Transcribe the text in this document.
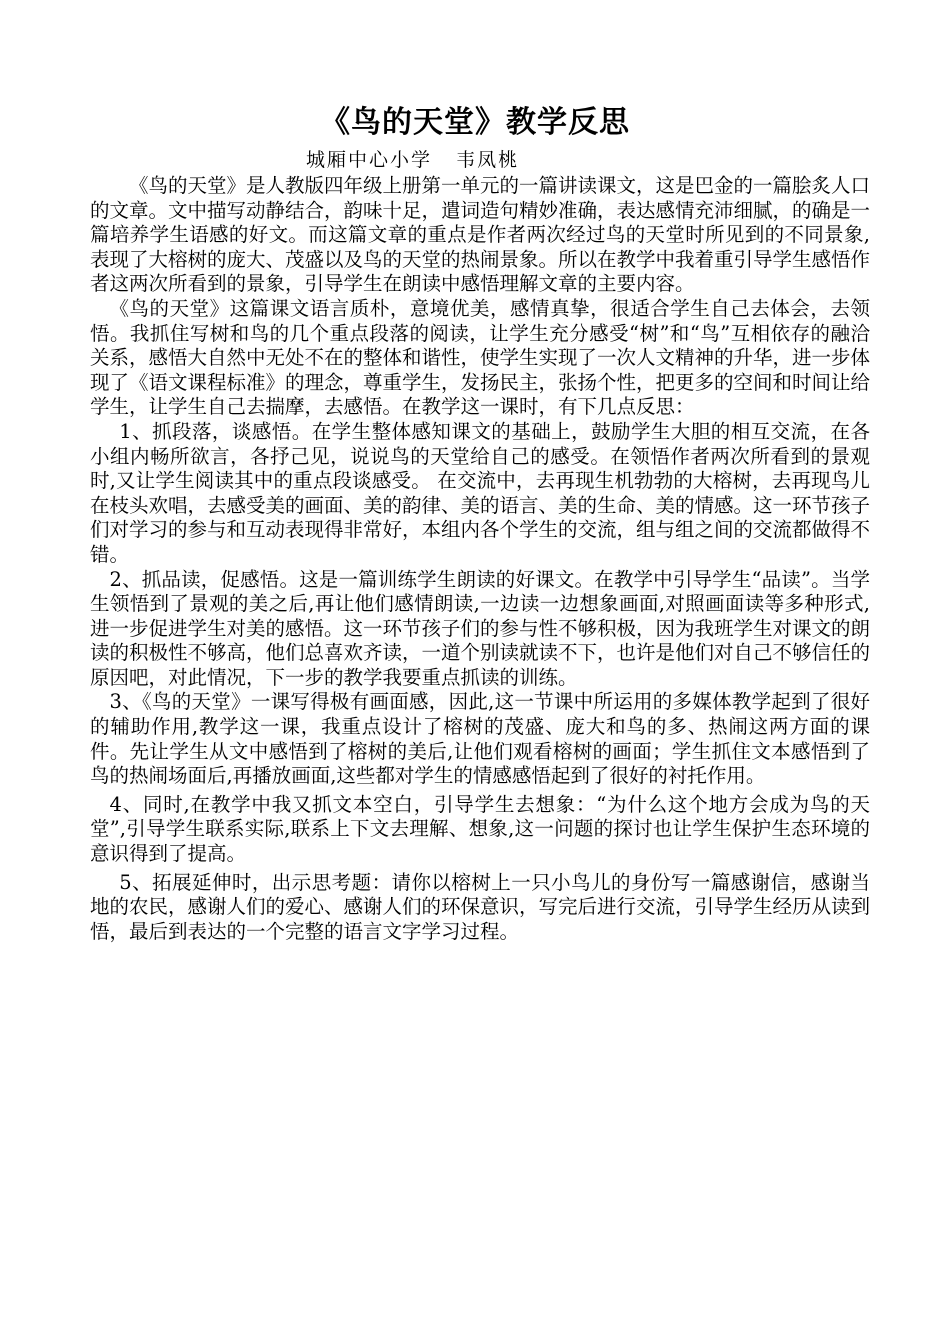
《鸟的天堂》教学反思
城厢中心小学   韦凤桃

《鸟的天堂》是人教版四年级上册第一单元的一篇讲读课文，这是巴金的一篇脍炙人口的文章。文中描写动静结合，韵味十足，遣词造句精妙准确，表达感情充沛细腻，的确是一篇培养学生语感的好文。而这篇文章的重点是作者两次经过鸟的天堂时所见到的不同景象,表现了大榕树的庞大、茂盛以及鸟的天堂的热闹景象。所以在教学中我着重引导学生感悟作者这两次所看到的景象，引导学生在朗读中感悟理解文章的主要内容。

《鸟的天堂》这篇课文语言质朴，意境优美，感情真挚，很适合学生自己去体会，去领悟。我抓住写树和鸟的几个重点段落的阅读，让学生充分感受“树”和“鸟”互相依存的融洽关系，感悟大自然中无处不在的整体和谐性，使学生实现了一次人文精神的升华，进一步体现了《语文课程标准》的理念，尊重学生，发扬民主，张扬个性，把更多的空间和时间让给学生，让学生自己去揣摩，去感悟。在教学这一课时，有下几点反思：

1、抓段落，谈感悟。在学生整体感知课文的基础上，鼓励学生大胆的相互交流，在各小组内畅所欲言，各抒己见，说说鸟的天堂给自己的感受。在领悟作者两次所看到的景观时,又让学生阅读其中的重点段谈感受。 在交流中，去再现生机勃勃的大榕树，去再现鸟儿在枝头欢唱，去感受美的画面、美的韵律、美的语言、美的生命、美的情感。这一环节孩子们对学习的参与和互动表现得非常好，本组内各个学生的交流，组与组之间的交流都做得不错。

2、抓品读，促感悟。这是一篇训练学生朗读的好课文。在教学中引导学生“品读”。当学生领悟到了景观的美之后,再让他们感情朗读,一边读一边想象画面,对照画面读等多种形式,进一步促进学生对美的感悟。这一环节孩子们的参与性不够积极，因为我班学生对课文的朗读的积极性不够高，他们总喜欢齐读，一道个别读就读不下，也许是他们对自己不够信任的原因吧，对此情况，下一步的教学我要重点抓读的训练。

3、《鸟的天堂》一课写得极有画面感，因此,这一节课中所运用的多媒体教学起到了很好的辅助作用,教学这一课，我重点设计了榕树的茂盛、庞大和鸟的多、热闹这两方面的课件。先让学生从文中感悟到了榕树的美后,让他们观看榕树的画面；学生抓住文本感悟到了鸟的热闹场面后,再播放画面,这些都对学生的情感感悟起到了很好的衬托作用。

4、同时,在教学中我又抓文本空白，引导学生去想象：“为什么这个地方会成为鸟的天堂”,引导学生联系实际,联系上下文去理解、想象,这一问题的探讨也让学生保护生态环境的意识得到了提高。

5、拓展延伸时，出示思考题：请你以榕树上一只小鸟儿的身份写一篇感谢信，感谢当地的农民，感谢人们的爱心、感谢人们的环保意识，写完后进行交流，引导学生经历从读到悟，最后到表达的一个完整的语言文字学习过程。
